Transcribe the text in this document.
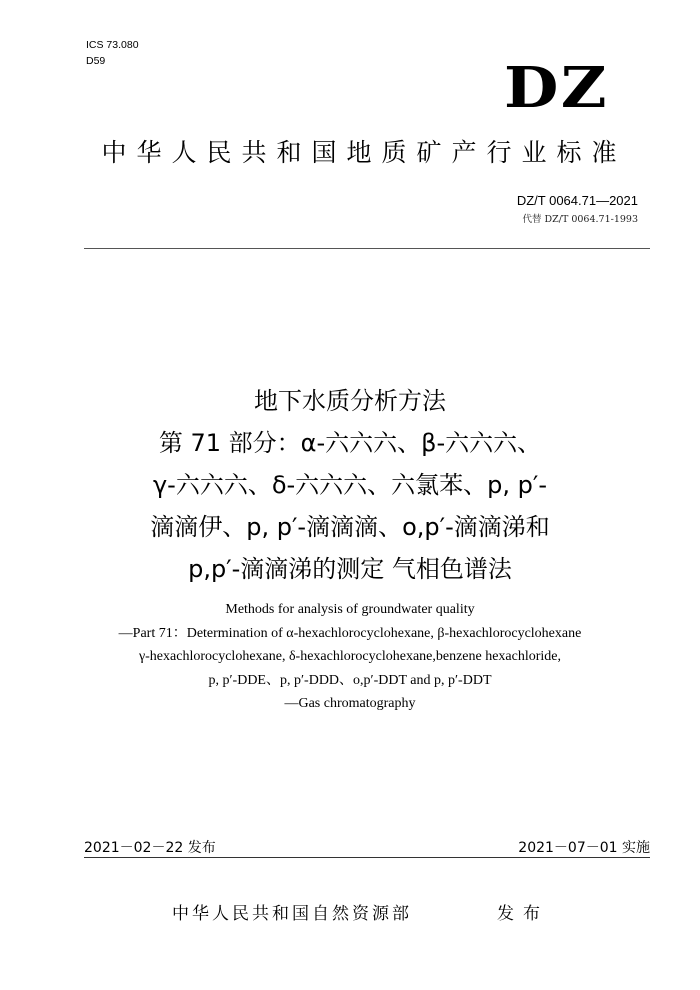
ICS 73.080
D59	DZ
中华人民共和国地质矿产行业标准
DZ/T 0064.71—2021
代替 DZ/T 0064.71-1993
地下水质分析方法
第 71 部分：α-六六六、β-六六六、
γ-六六六、δ-六六六、六氯苯、p, p′-
滴滴伊、p, p′-滴滴滴、o,p′-滴滴涕和
p,p′-滴滴涕的测定 气相色谱法
Methods for analysis of groundwater quality
—Part 71：Determination of α-hexachlorocyclohexane, β-hexachlorocyclohexane
γ-hexachlorocyclohexane, δ-hexachlorocyclohexane,benzene hexachloride,
p, p′-DDE、p, p′-DDD、o,p′-DDT and p, p′-DDT
—Gas chromatography
2021－02－22 发布	2021－07－01 实施
中华人民共和国自然资源部	发布
